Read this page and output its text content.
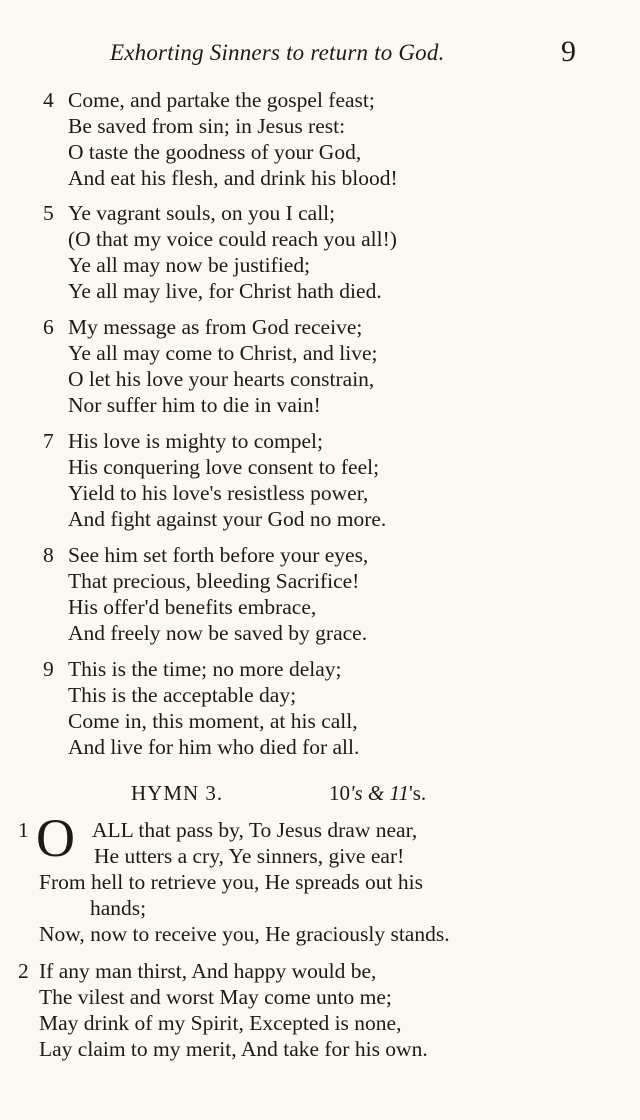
Exhorting Sinners to return to God.	9
4 Come, and partake the gospel feast;
Be saved from sin; in Jesus rest:
O taste the goodness of your God,
And eat his flesh, and drink his blood!
5 Ye vagrant souls, on you I call;
(O that my voice could reach you all!)
Ye all may now be justified;
Ye all may live, for Christ hath died.
6 My message as from God receive;
Ye all may come to Christ, and live;
O let his love your hearts constrain,
Nor suffer him to die in vain!
7 His love is mighty to compel;
His conquering love consent to feel;
Yield to his love's resistless power,
And fight against your God no more.
8 See him set forth before your eyes,
That precious, bleeding Sacrifice!
His offer'd benefits embrace,
And freely now be saved by grace.
9 This is the time; no more delay;
This is the acceptable day;
Come in, this moment, at his call,
And live for him who died for all.
HYMN 3.	10's & 11's.
1 O ALL that pass by, To Jesus draw near,
He utters a cry, Ye sinners, give ear!
From hell to retrieve you, He spreads out his
hands;
Now, now to receive you, He graciously stands.
2 If any man thirst, And happy would be,
The vilest and worst May come unto me;
May drink of my Spirit, Excepted is none,
Lay claim to my merit, And take for his own.
